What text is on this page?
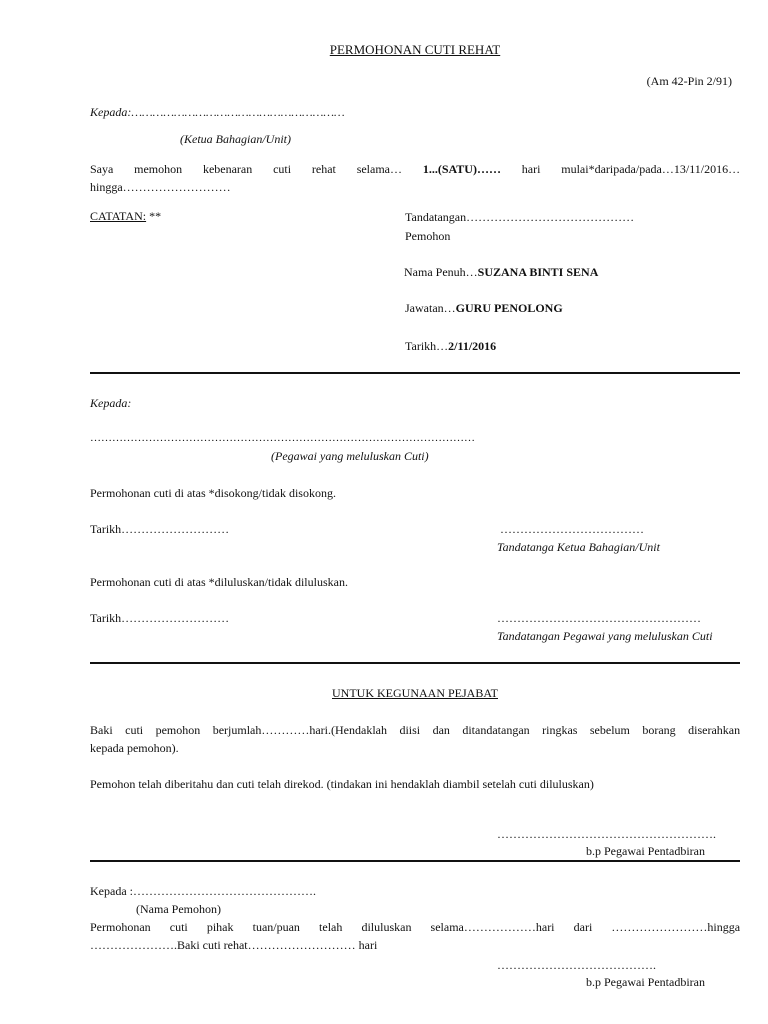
PERMOHONAN CUTI REHAT
(Am 42-Pin 2/91)
Kepada:……………………………………………………
(Ketua Bahagian/Unit)
Saya memohon kebenaran cuti rehat selama… 1...(SATU)…… hari mulai*daripada/pada…13/11/2016…
hingga………………………
CATATAN: **	Tandatangan……………………………………
Pemohon
Nama Penuh…SUZANA BINTI SENA
Jawatan…GURU PENOLONG
Tarikh…2/11/2016
Kepada:
……………………………………………………………………………………………
(Pegawai yang meluluskan Cuti)
Permohonan cuti di atas *disokong/tidak disokong.
Tarikh………………………	………………………………
Tandatanga Ketua Bahagian/Unit
Permohonan cuti di atas *diluluskan/tidak diluluskan.
Tarikh………………………	……………………………………………
Tandatangan Pegawai yang meluluskan Cuti
UNTUK KEGUNAAN PEJABAT
Baki cuti pemohon berjumlah…………hari.(Hendaklah diisi dan ditandatangan ringkas sebelum borang diserahkan
kepada pemohon).
Pemohon telah diberitahu dan cuti telah direkod. (tindakan ini hendaklah diambil setelah cuti diluluskan)
……………………………………………….
b.p Pegawai Pentadbiran
Kepada :……………………………………….
(Nama Pemohon)
Permohonan cuti pihak tuan/puan telah diluluskan selama………………hari dari ……………………hingga
………………….Baki cuti rehat……………………… hari
………………………………….
b.p Pegawai Pentadbiran
